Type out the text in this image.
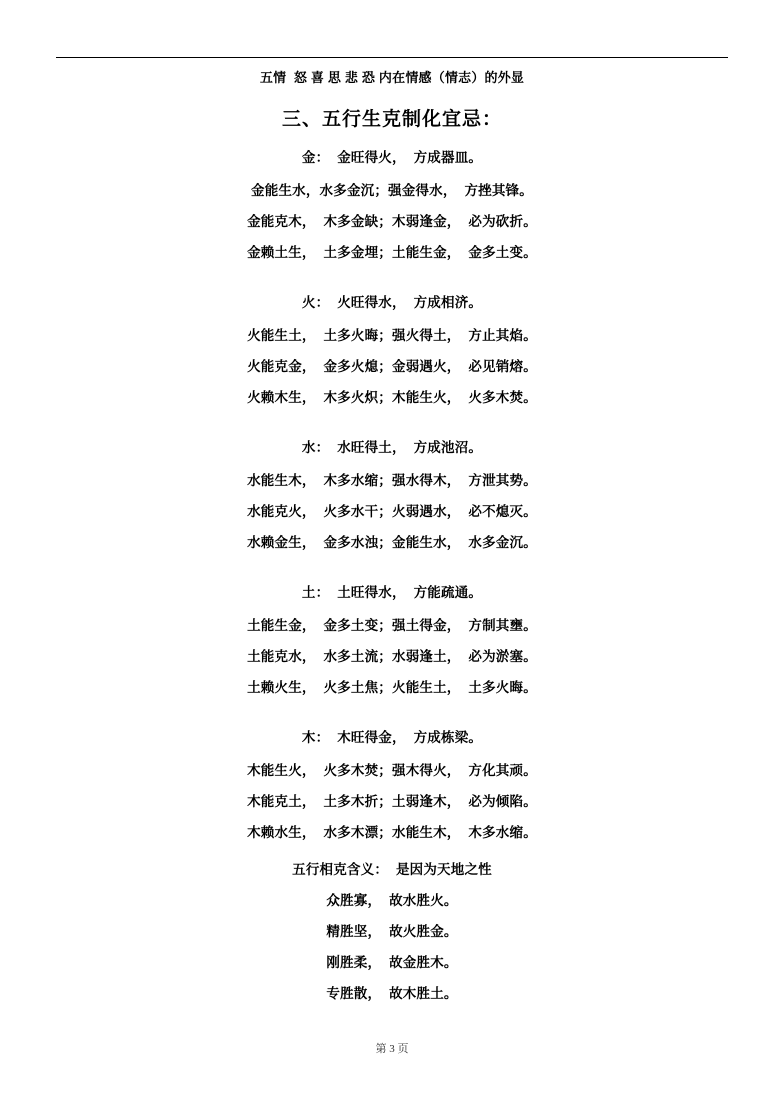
五情  怒 喜 思 悲 恐 内在情感（情志）的外显
三、五行生克制化宜忌：
金：  金旺得火，  方成器皿。
金能生水，水多金沉；强金得水，  方挫其锋。
金能克木，  木多金缺；木弱逢金，  必为砍折。
金赖土生，  土多金埋；土能生金，  金多土变。
火：  火旺得水，  方成相济。
火能生土，  土多火晦；强火得土，  方止其焰。
火能克金，  金多火熄；金弱遇火，  必见销熔。
火赖木生，  木多火炽；木能生火，  火多木焚。
水：  水旺得土，  方成池沼。
水能生木，  木多水缩；强水得木，  方泄其势。
水能克火，  火多水干；火弱遇水，  必不熄灭。
水赖金生，  金多水浊；金能生水，  水多金沉。
土：  土旺得水，  方能疏通。
土能生金，  金多土变；强土得金，  方制其壅。
土能克水，  水多土流；水弱逢土，  必为淤塞。
土赖火生，  火多土焦；火能生土，  土多火晦。
木：  木旺得金，  方成栋梁。
木能生火，  火多木焚；强木得火，  方化其顽。
木能克土，  土多木折；土弱逢木，  必为倾陷。
木赖水生，  水多木漂；水能生木，  木多水缩。
五行相克含义：  是因为天地之性
众胜寡，  故水胜火。
精胜坚，  故火胜金。
刚胜柔，  故金胜木。
专胜散，  故木胜土。
第 3 页
